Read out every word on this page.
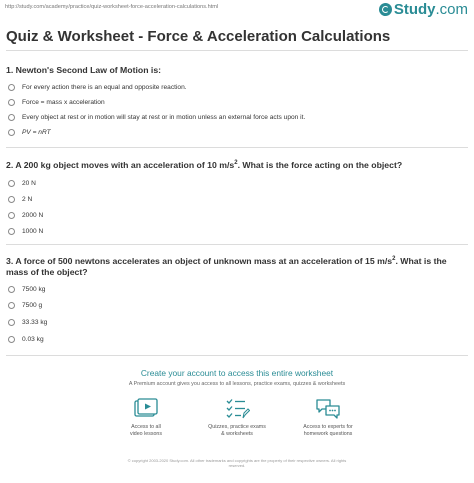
http://study.com/academy/practice/quiz-worksheet-force-acceleration-calculations.html	Study.com
Quiz & Worksheet - Force & Acceleration Calculations
1. Newton's Second Law of Motion is:
For every action there is an equal and opposite reaction.
Force = mass x acceleration
Every object at rest or in motion will stay at rest or in motion unless an external force acts upon it.
PV = nRT
2. A 200 kg object moves with an acceleration of 10 $m/s^2$. What is the force acting on the object?
20 N
2 N
2000 N
1000 N
3. A force of 500 newtons accelerates an object of unknown mass at an acceleration of 15 $m/s^2$. What is the mass of the object?
7500 kg
7500 g
33.33 kg
0.03 kg
Create your account to access this entire worksheet
A Premium account gives you access to all lessons, practice exams, quizzes & worksheets
Access to all
video lessons
Quizzes, practice exams
& worksheets
Access to experts for
homework questions
© copyright 2003-2020 Study.com. All other trademarks and copyrights are the property of their respective owners. All rights
reserved.
